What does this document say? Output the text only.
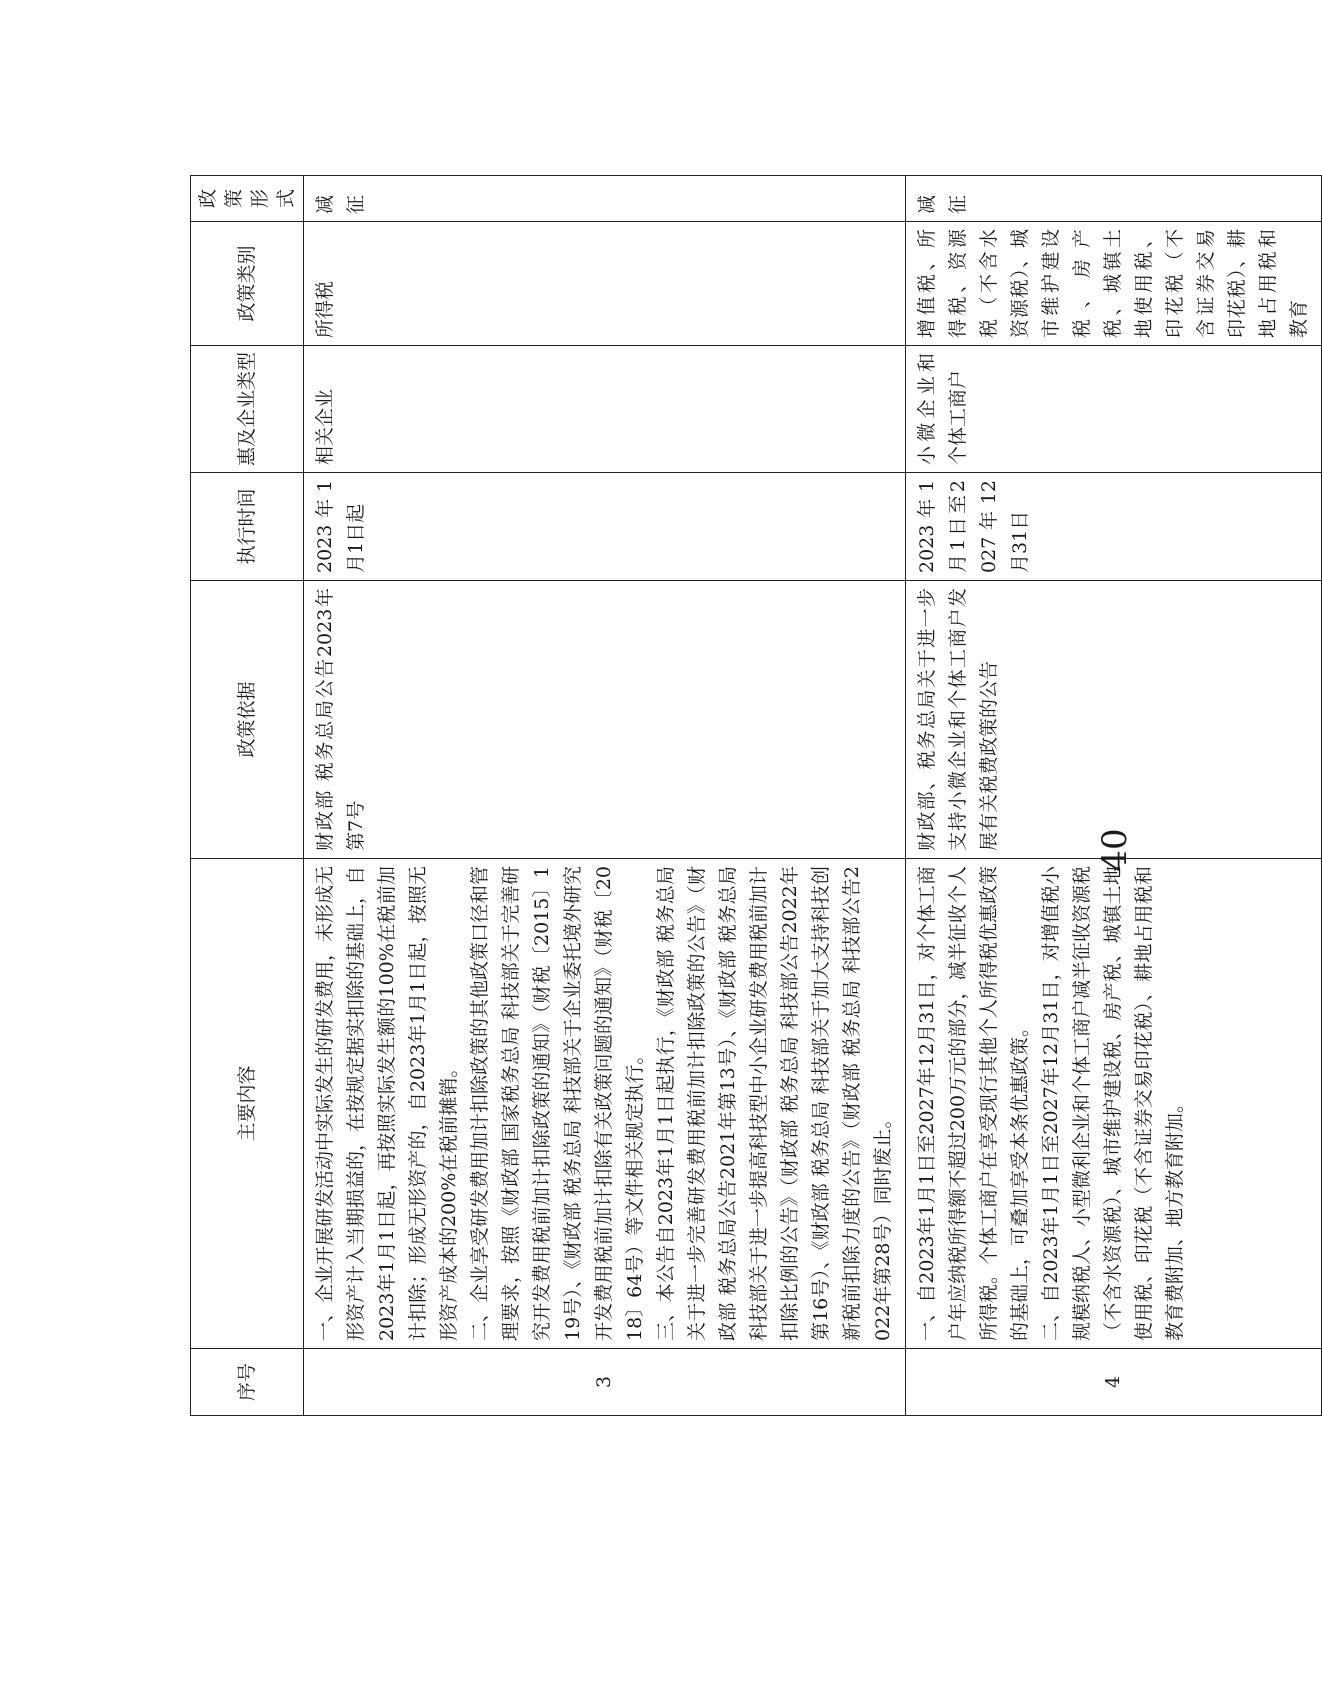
序号	主要内容	政策依据	执行时间	惠及企业类型	政策类别	政策形式
3	一、企业开展研发活动中实际发生的研发费用，未形成无形资产计入当期损益的，在按规定据实扣除的基础上，自2023年1月1日起，再按照实际发生额的100%在税前加计扣除；形成无形资产的，自2023年1月1日起，按照无形资产成本的200%在税前摊销。 二、企业享受研发费用加计扣除政策的其他政策口径和管理要求，按照《财政部 国家税务总局 科技部关于完善研究开发费用税前加计扣除政策的通知》（财税〔2015〕119号）、《财政部 税务总局 科技部关于企业委托境外研究开发费用税前加计扣除有关政策问题的通知》（财税〔2018〕64号）等文件相关规定执行。 三、本公告自2023年1月1日起执行，《财政部 税务总局关于进一步完善研发费用税前加计扣除政策的公告》（财政部 税务总局公告2021年第13号）、《财政部 税务总局 科技部关于进一步提高科技型中小企业研发费用税前加计扣除比例的公告》（财政部 税务总局 科技部公告2022年第16号）、《财政部 税务总局 科技部关于加大支持科技创新税前扣除力度的公告》（财政部 税务总局 科技部公告2022年第28号）同时废止。	财政部 税务总局公告2023年第7号	2023年1月1日起	相关企业	所得税	减征
4	一、自2023年1月1日至2027年12月31日，对个体工商户年应纳税所得额不超过200万元的部分，减半征收个人所得税。个体工商户在享受现行其他个人所得税优惠政策的基础上，可叠加享受本条优惠政策。 二、自2023年1月1日至2027年12月31日，对增值税小规模纳税人、小型微利企业和个体工商户减半征收资源税（不含水资源税）、城市维护建设税、房产税、城镇土地使用税、印花税（不含证券交易印花税）、耕地占用税和教育费附加、地方教育附加。	财政部、税务总局关于进一步支持小微企业和个体工商户发展有关税费政策的公告	2023年1月1日至2027年12月31日	小微企业和个体工商户	增值税、所得税、资源税（不含水资源税）、城市维护建设税、房产税、城镇土地使用税、印花税（不含证券交易印花税）、耕地占用税和教育	减征
40
